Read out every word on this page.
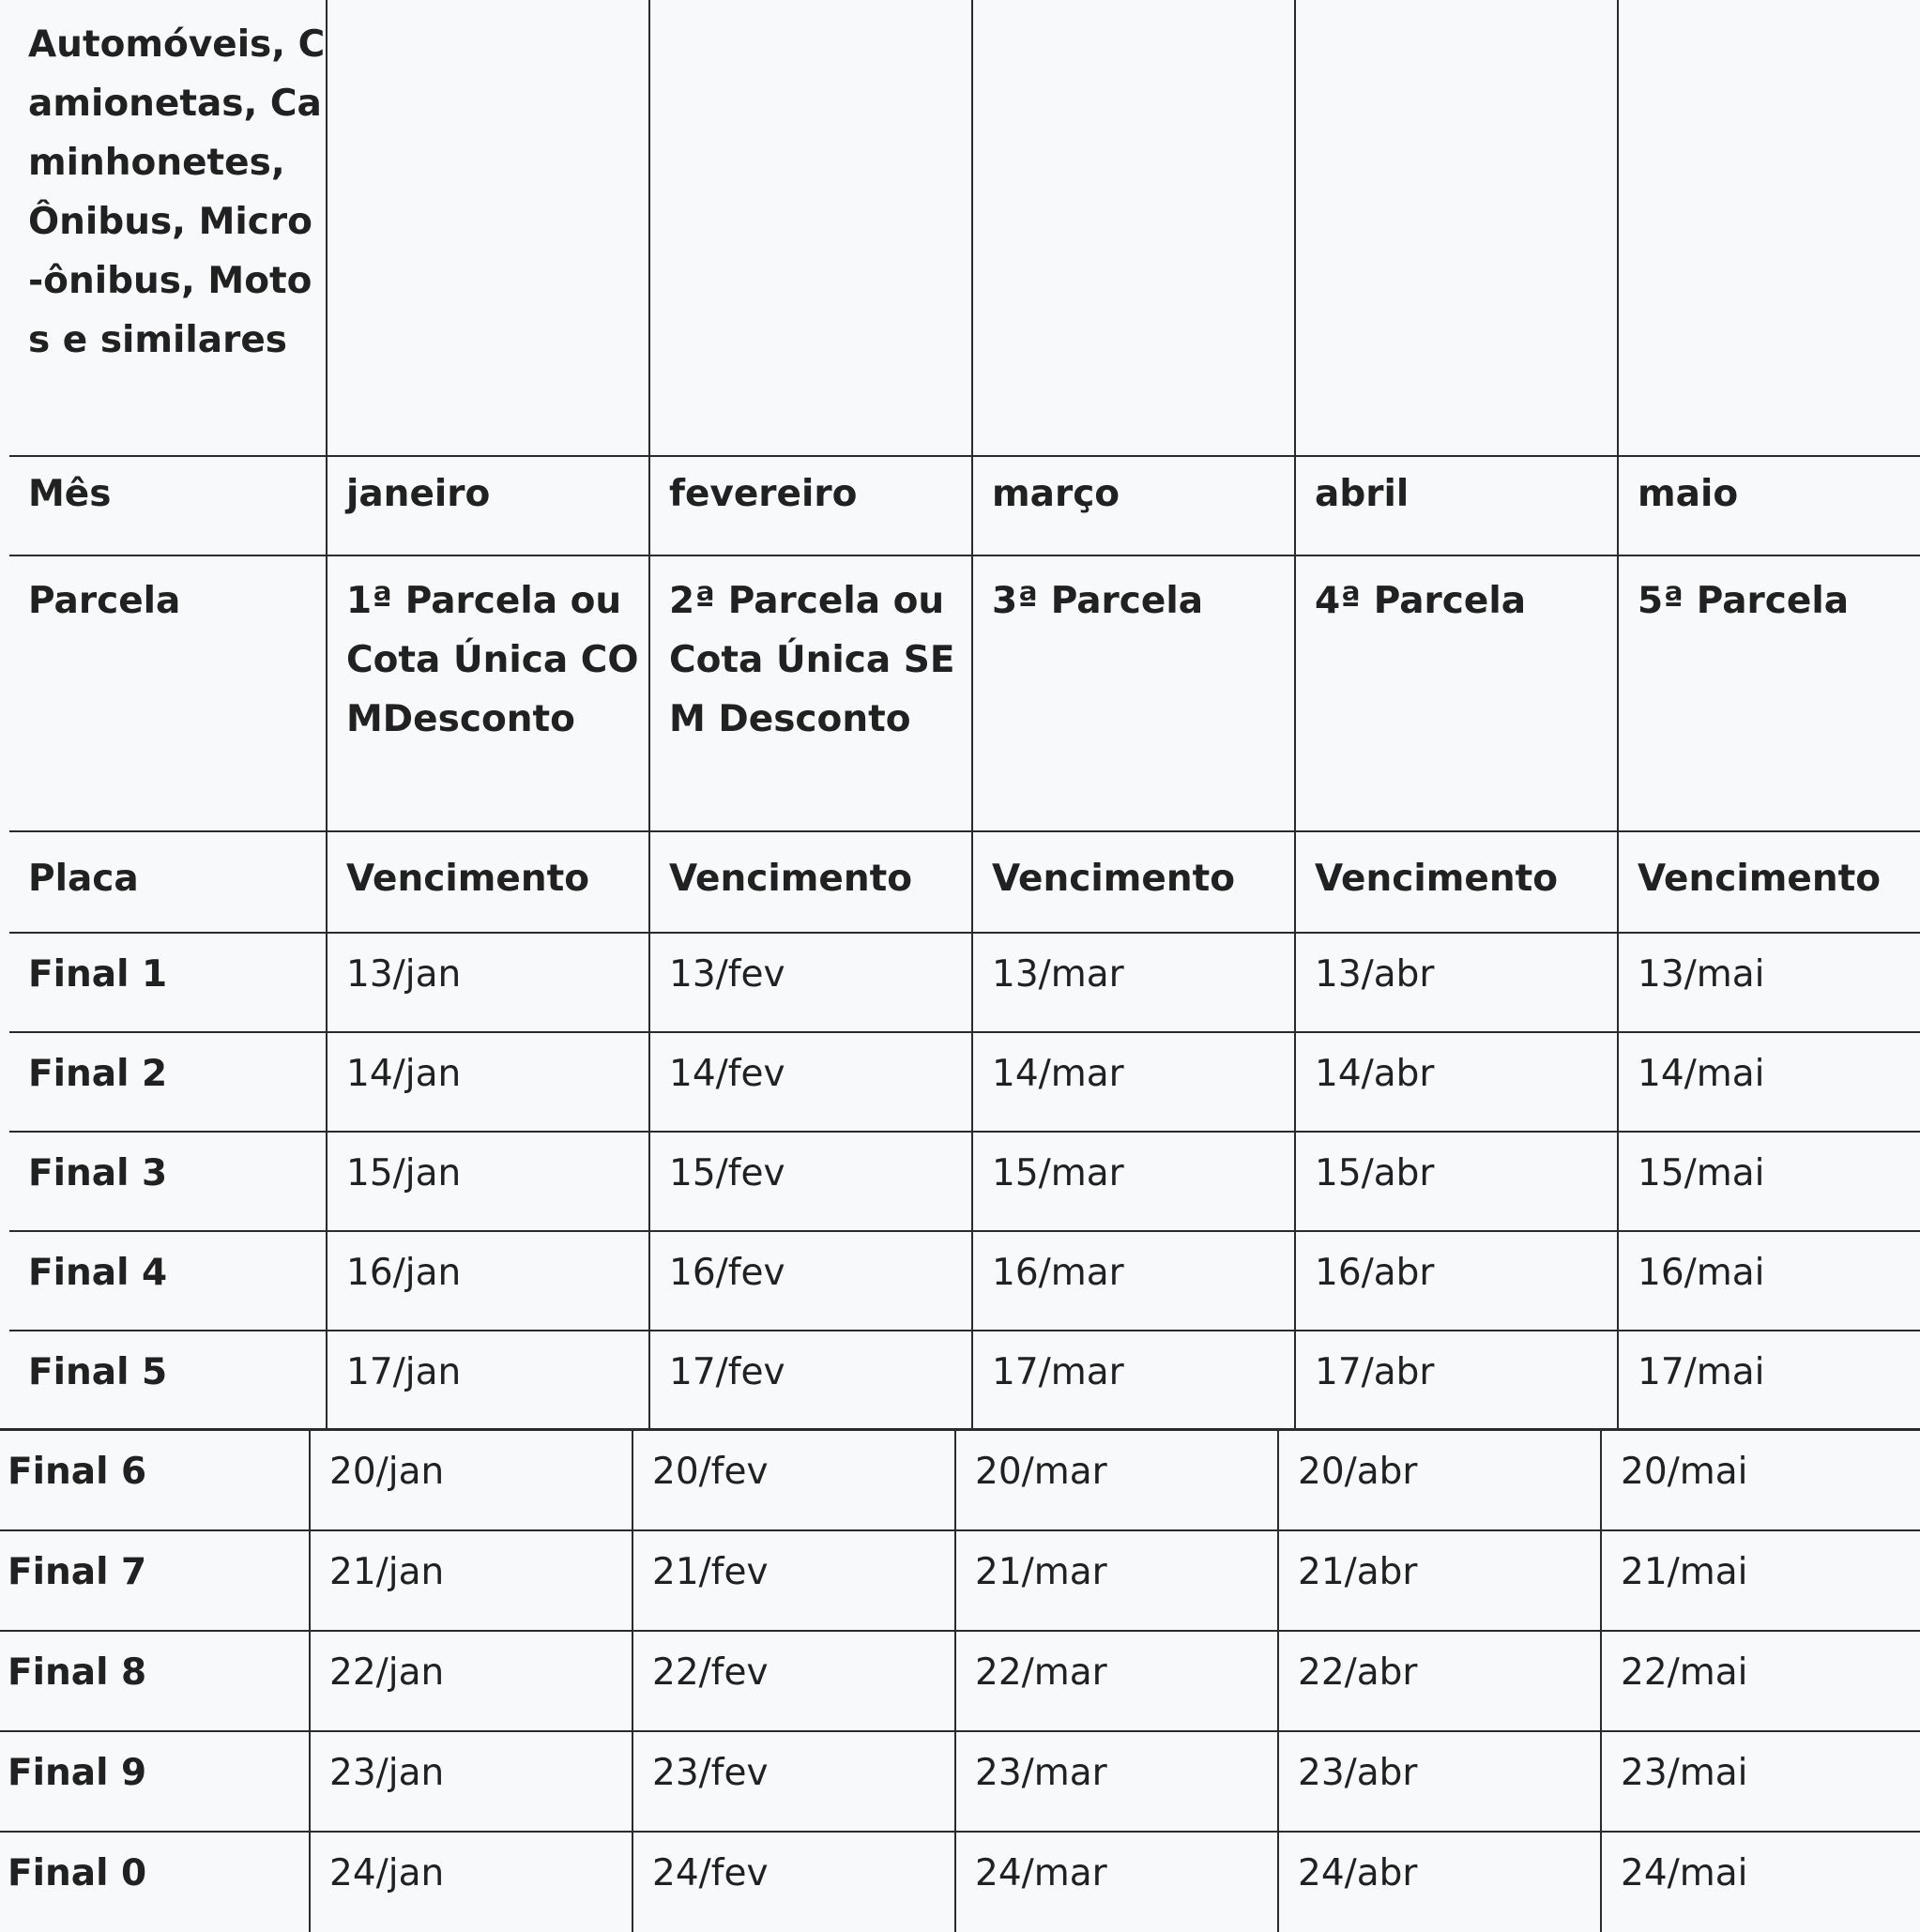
Automóveis, Camionetas, Caminhonetes, Ônibus, Micro-ônibus, Motos e similares					
Mês	janeiro	fevereiro	março	abril	maio
Parcela	1ª Parcela ou Cota Única COMDesconto	2ª Parcela ou Cota Única SEM Desconto	3ª Parcela	4ª Parcela	5ª Parcela
Placa	Vencimento	Vencimento	Vencimento	Vencimento	Vencimento
Final 1	13/jan	13/fev	13/mar	13/abr	13/mai
Final 2	14/jan	14/fev	14/mar	14/abr	14/mai
Final 3	15/jan	15/fev	15/mar	15/abr	15/mai
Final 4	16/jan	16/fev	16/mar	16/abr	16/mai
Final 5	17/jan	17/fev	17/mar	17/abr	17/mai
Final 6	20/jan	20/fev	20/mar	20/abr	20/mai
Final 7	21/jan	21/fev	21/mar	21/abr	21/mai
Final 8	22/jan	22/fev	22/mar	22/abr	22/mai
Final 9	23/jan	23/fev	23/mar	23/abr	23/mai
Final 0	24/jan	24/fev	24/mar	24/abr	24/mai
